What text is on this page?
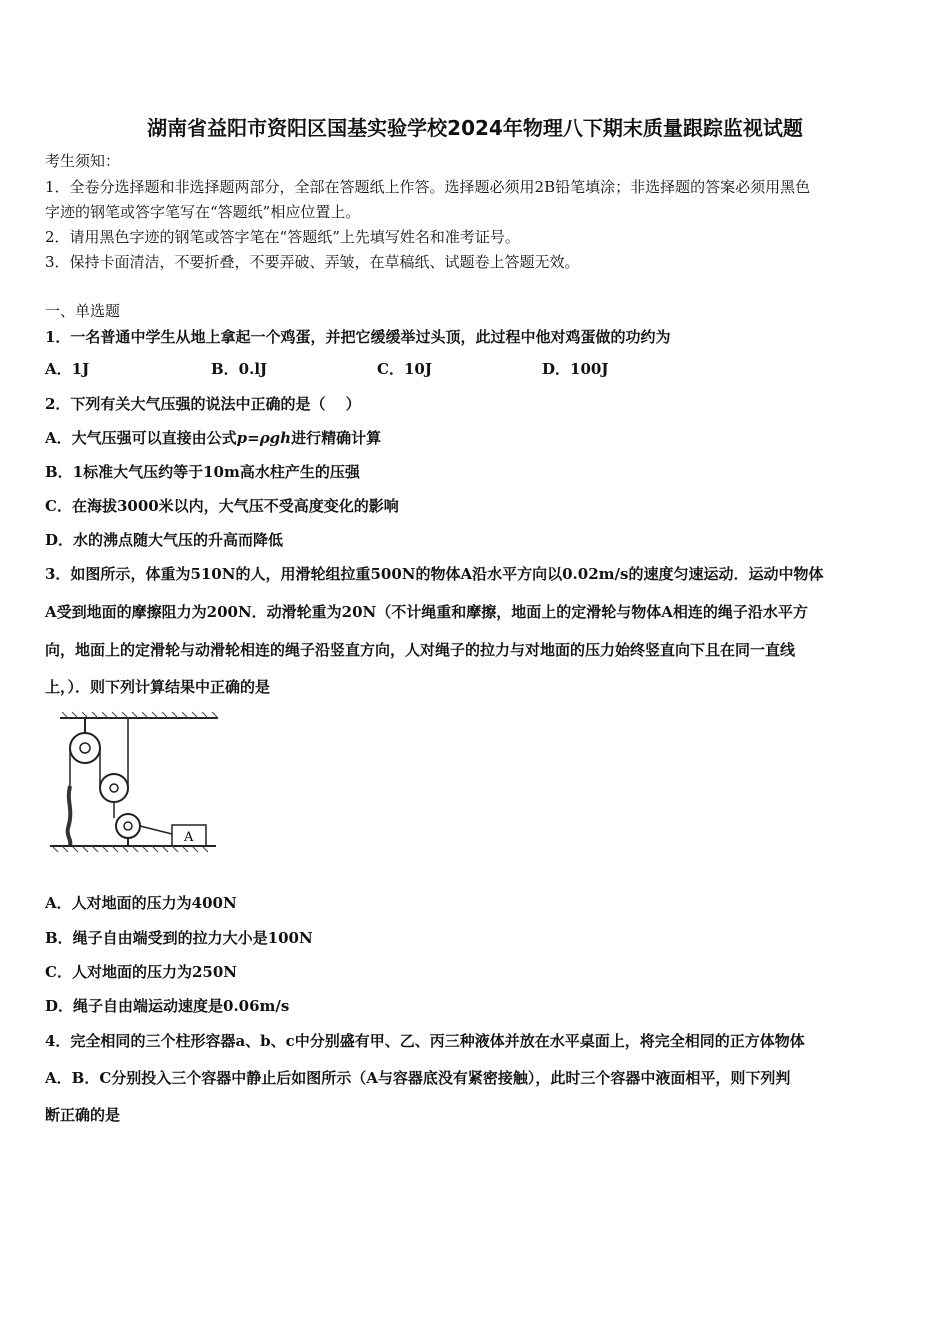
湖南省益阳市资阳区国基实验学校2024年物理八下期末质量跟踪监视试题
考生须知：
1．全卷分选择题和非选择题两部分，全部在答题纸上作答。选择题必须用2B铅笔填涂；非选择题的答案必须用黑色
字迹的钢笔或答字笔写在“答题纸”相应位置上。
2．请用黑色字迹的钢笔或答字笔在“答题纸”上先填写姓名和准考证号。
3．保持卡面清洁，不要折叠，不要弄破、弄皱，在草稿纸、试题卷上答题无效。
一、单选题
1．一名普通中学生从地上拿起一个鸡蛋，并把它缓缓举过头顶，此过程中他对鸡蛋做的功约为
A．1J	B．0.lJ	C．10J	D．100J
2．下列有关大气压强的说法中正确的是（　 ）
A．大气压强可以直接由公式p=ρgh进行精确计算
B．1标准大气压约等于10m高水柱产生的压强
C．在海拔3000米以内，大气压不受高度变化的影响
D．水的沸点随大气压的升高而降低
3．如图所示，体重为510N的人，用滑轮组拉重500N的物体A沿水平方向以0.02m/s的速度匀速运动．运动中物体
A受到地面的摩擦阻力为200N．动滑轮重为20N（不计绳重和摩擦，地面上的定滑轮与物体A相连的绳子沿水平方
向，地面上的定滑轮与动滑轮相连的绳子沿竖直方向，人对绳子的拉力与对地面的压力始终竖直向下且在同一直线
上，）．则下列计算结果中正确的是
A
A．人对地面的压力为400N
B．绳子自由端受到的拉力大小是100N
C．人对地面的压力为250N
D．绳子自由端运动速度是0.06m/s
4．完全相同的三个柱形容器a、b、c中分别盛有甲、乙、丙三种液体并放在水平桌面上，将完全相同的正方体物体
A．B．C分别投入三个容器中静止后如图所示（A与容器底没有紧密接触），此时三个容器中液面相平，则下列判
断正确的是
